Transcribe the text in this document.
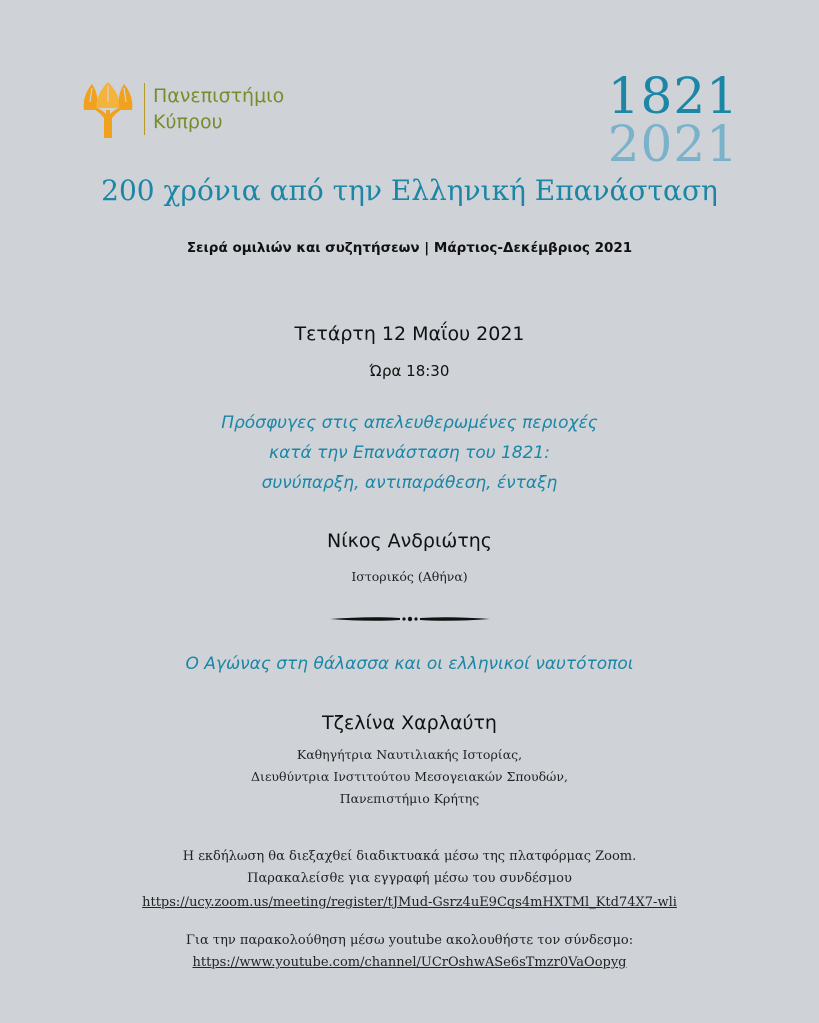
Πανεπιστήμιο
Κύπρου	1821
2021
200 χρόνια από την Ελληνική Επανάσταση
Σειρά ομιλιών και συζητήσεων | Μάρτιος-Δεκέμβριος 2021
Τετάρτη 12 Μαΐου 2021
Ώρα 18:30
Πρόσφυγες στις απελευθερωμένες περιοχές
κατά την Επανάσταση του 1821:
συνύπαρξη, αντιπαράθεση, ένταξη
Νίκος Ανδριώτης
Ιστορικός (Αθήνα)
Ο Αγώνας στη θάλασσα και οι ελληνικοί ναυτότοποι
Τζελίνα Χαρλαύτη
Καθηγήτρια Ναυτιλιακής Ιστορίας,
Διευθύντρια Ινστιτούτου Μεσογειακών Σπουδών,
Πανεπιστήμιο Κρήτης
Η εκδήλωση θα διεξαχθεί διαδικτυακά μέσω της πλατφόρμας Zoom.
Παρακαλείσθε για εγγραφή μέσω του συνδέσμου
https://ucy.zoom.us/meeting/register/tJMud-Gsrz4uE9Cqs4mHXTMl_Ktd74X7-wli
Για την παρακολούθηση μέσω youtube ακολουθήστε τον σύνδεσμο:
https://www.youtube.com/channel/UCrOshwASe6sTmzr0VaOopyg
